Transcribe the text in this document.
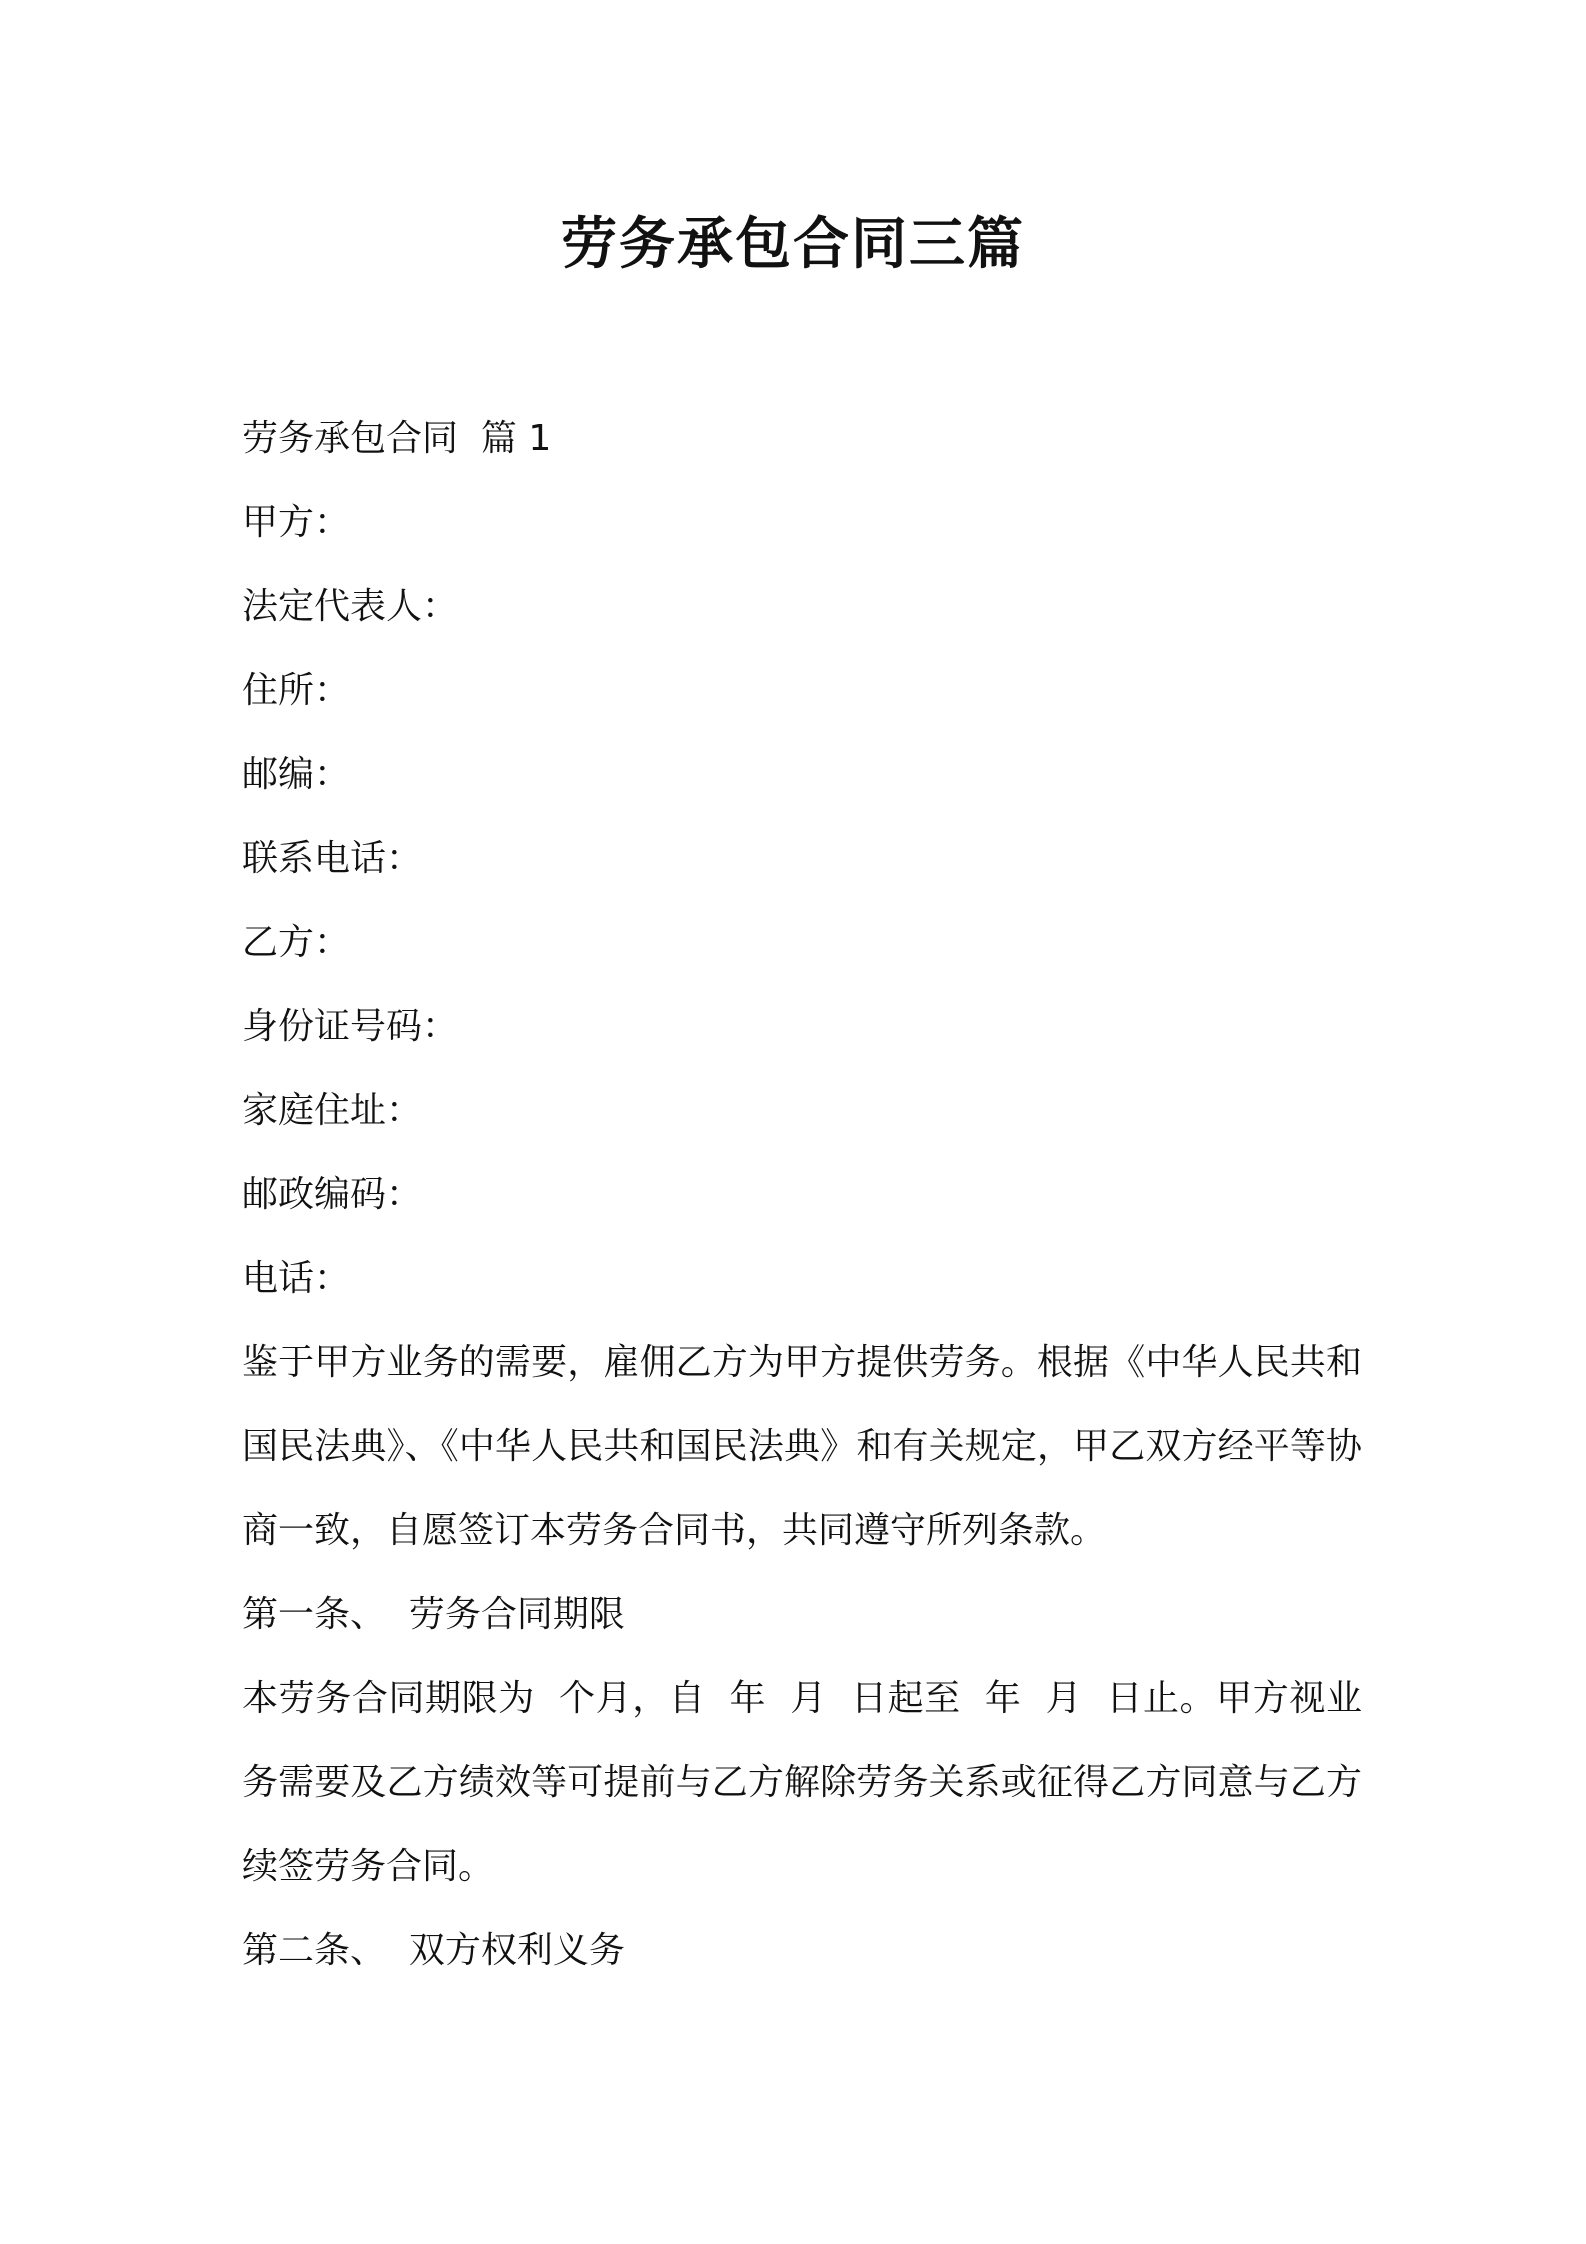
劳务承包合同三篇

劳务承包合同  篇 1

甲方：

法定代表人：

住所：

邮编：

联系电话：

乙方：

身份证号码：

家庭住址：

邮政编码：

电话：

鉴于甲方业务的需要，雇佣乙方为甲方提供劳务。根据《中华人民共和国民法典》、《中华人民共和国民法典》和有关规定，甲乙双方经平等协商一致，自愿签订本劳务合同书，共同遵守所列条款。

第一条、  劳务合同期限

本劳务合同期限为  个月，自  年  月  日起至  年  月  日止。甲方视业务需要及乙方绩效等可提前与乙方解除劳务关系或征得乙方同意与乙方续签劳务合同。

第二条、  双方权利义务
